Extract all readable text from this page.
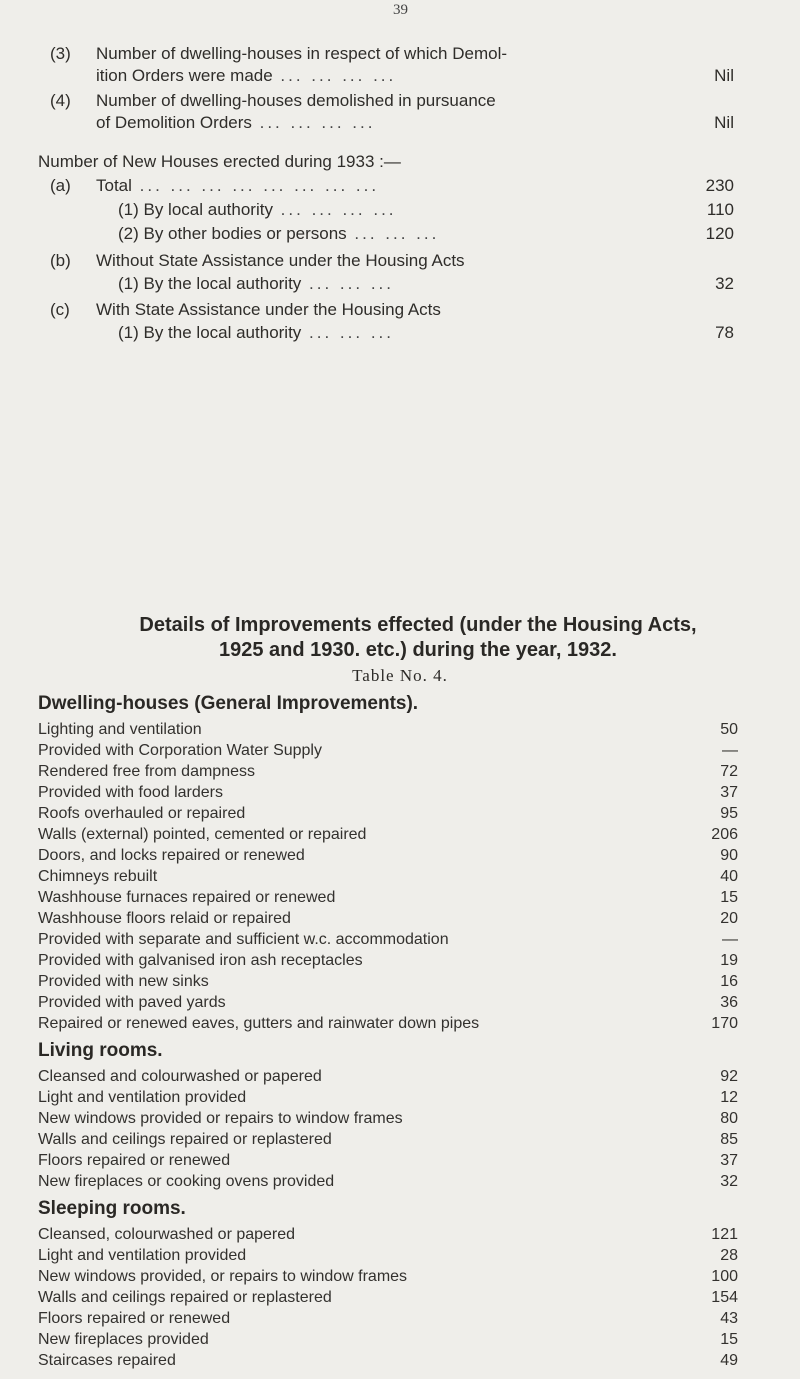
39
(3) Number of dwelling-houses in respect of which Demol-
ition Orders were made ... ... ... ...	Nil
(4) Number of dwelling-houses demolished in pursuance
of Demolition Orders ... ... ... ...	Nil
Number of New Houses erected during 1933 :—
(a) Total ... ... ... ... ... ... ... ...	230
(1) By local authority ... ... ... ...	110
(2) By other bodies or persons ... ... ...	120
(b) Without State Assistance under the Housing Acts
(1) By the local authority ... ... ...	32
(c) With State Assistance under the Housing Acts
(1) By the local authority ... ... ...	78
Details of Improvements effected (under the Housing Acts,
1925 and 1930. etc.) during the year, 1932.
Table No. 4.
Dwelling-houses (General Improvements).
Lighting and ventilation	50
Provided with Corporation Water Supply	—
Rendered free from dampness	72
Provided with food larders	37
Roofs overhauled or repaired	95
Walls (external) pointed, cemented or repaired	206
Doors, and locks repaired or renewed	90
Chimneys rebuilt	40
Washhouse furnaces repaired or renewed	15
Washhouse floors relaid or repaired	20
Provided with separate and sufficient w.c. accommodation	—
Provided with galvanised iron ash receptacles	19
Provided with new sinks	16
Provided with paved yards	36
Repaired or renewed eaves, gutters and rainwater down pipes	170
Living rooms.
Cleansed and colourwashed or papered	92
Light and ventilation provided	12
New windows provided or repairs to window frames	80
Walls and ceilings repaired or replastered	85
Floors repaired or renewed	37
New fireplaces or cooking ovens provided	32
Sleeping rooms.
Cleansed, colourwashed or papered	121
Light and ventilation provided	28
New windows provided, or repairs to window frames	100
Walls and ceilings repaired or replastered	154
Floors repaired or renewed	43
New fireplaces provided	15
Staircases repaired	49
